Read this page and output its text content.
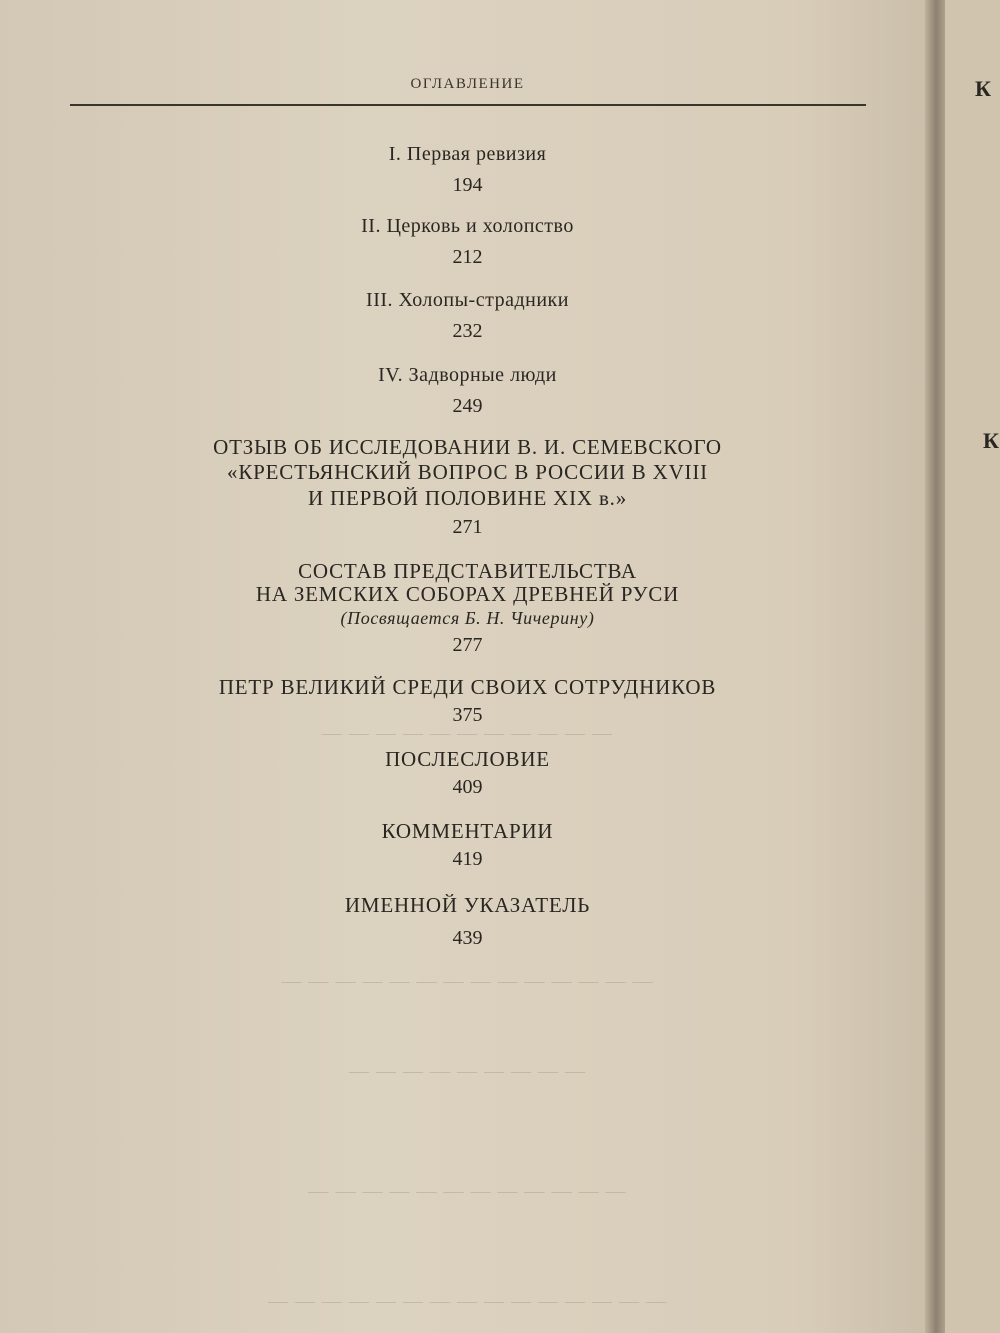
— — — — — — — — — — —
ОГЛАВЛЕНИЕ
I. Первая ревизия
194
II. Церковь и холопство
212
III. Холопы-страдники
232
IV. Задворные люди
249
ОТЗЫВ ОБ ИССЛЕДОВАНИИ В. И. СЕМЕВСКОГО
«КРЕСТЬЯНСКИЙ ВОПРОС В РОССИИ В XVIII
И ПЕРВОЙ ПОЛОВИНЕ XIX в.»
271
СОСТАВ ПРЕДСТАВИТЕЛЬСТВА
НА ЗЕМСКИХ СОБОРАХ ДРЕВНЕЙ РУСИ
(Посвящается Б. Н. Чичерину)
277
ПЕТР ВЕЛИКИЙ СРЕДИ СВОИХ СОТРУДНИКОВ
375
ПОСЛЕСЛОВИЕ
409
КОММЕНТАРИИ
419
ИМЕННОЙ УКАЗАТЕЛЬ
439
— — — — — — — — — — — — — —
— — — — — — — — —
— — — — — — — — — — — —
— — — — — — — — — — — — — — —
К
К
